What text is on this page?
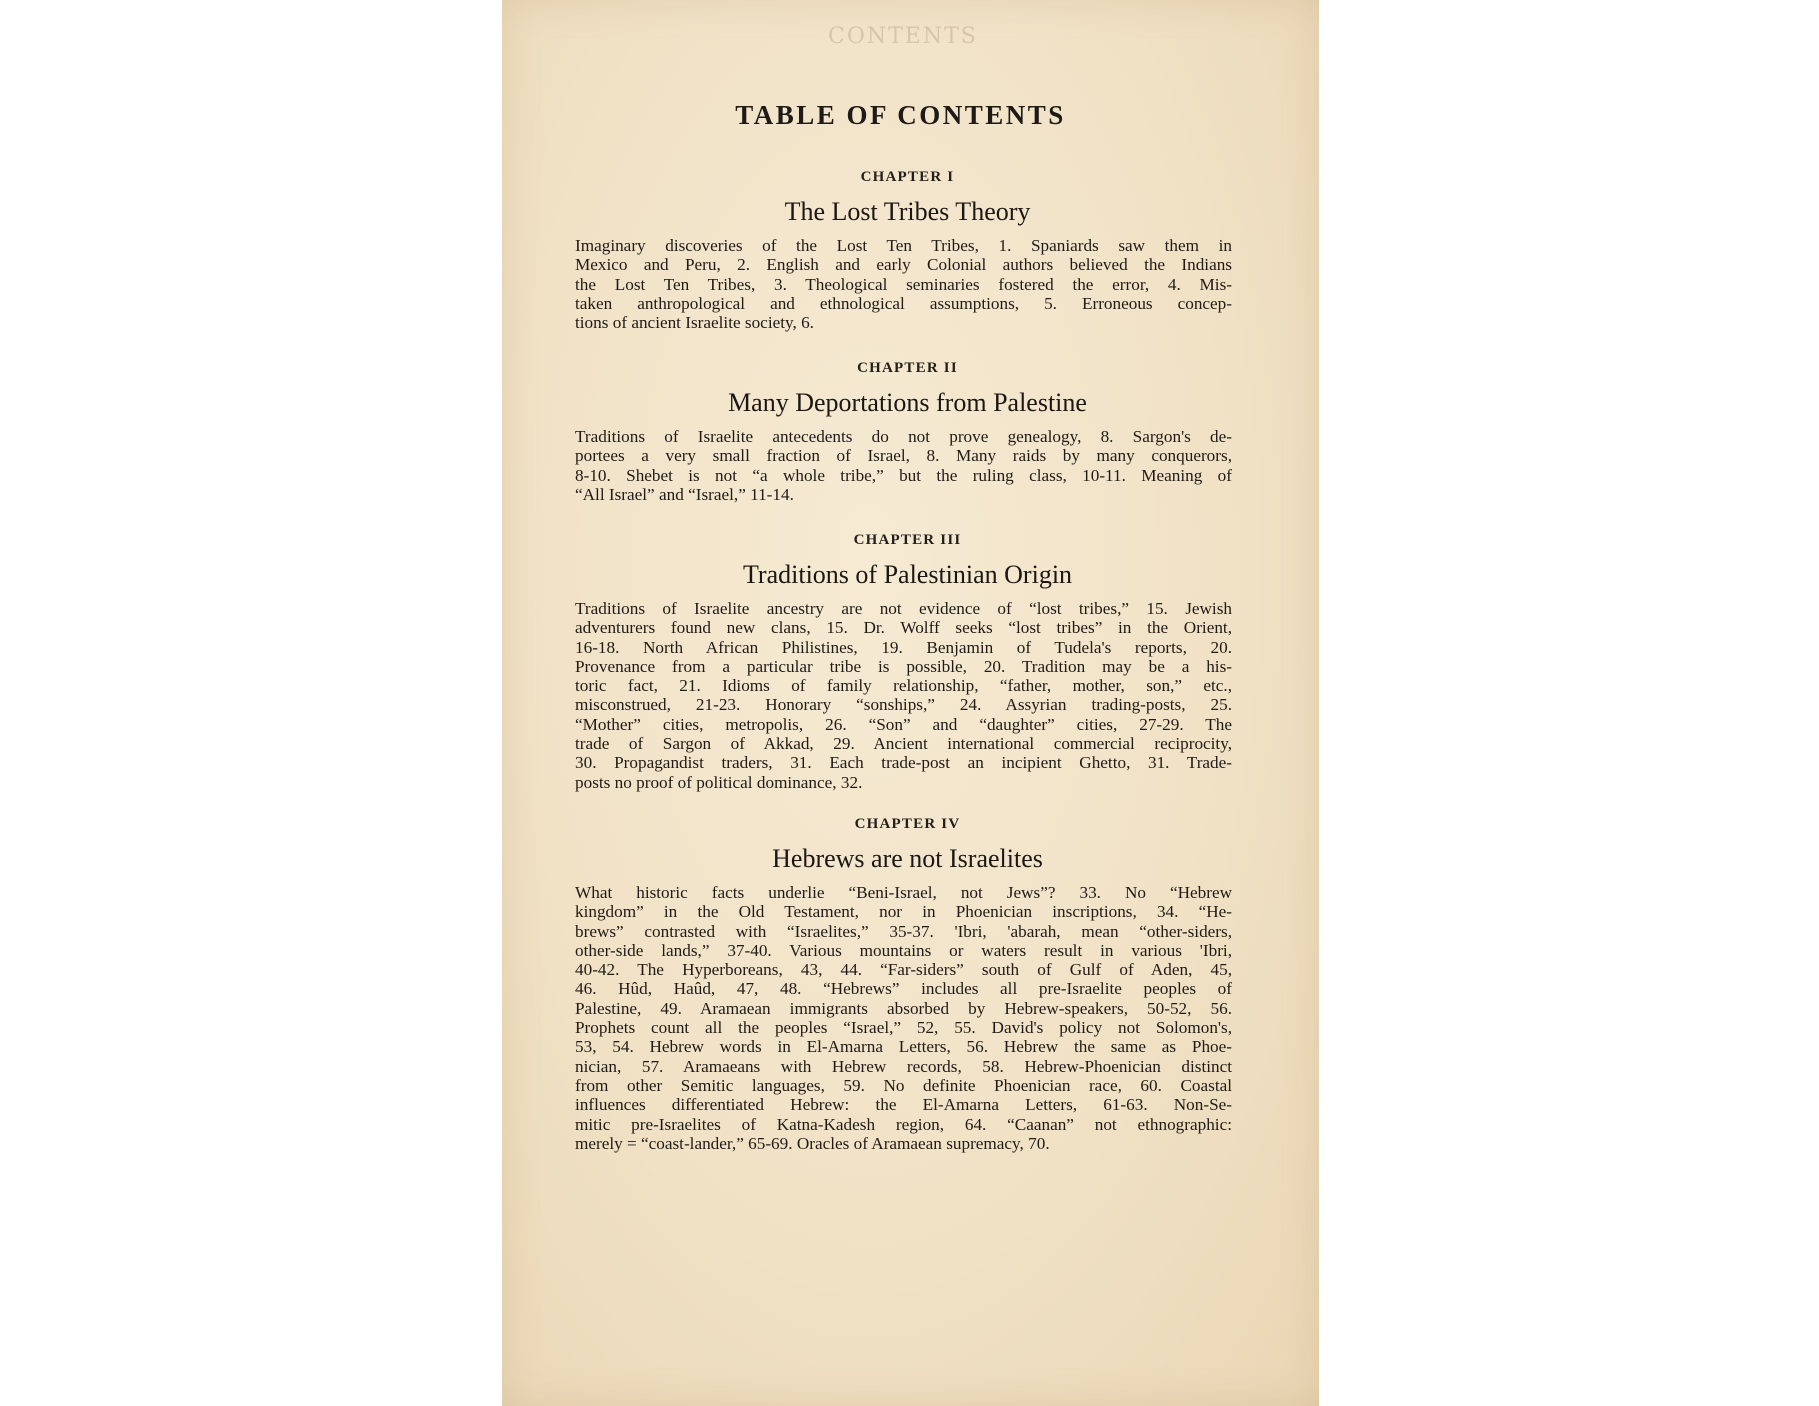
CONTENTS
TABLE OF CONTENTS
CHAPTER I
The Lost Tribes Theory
Imaginary discoveries of the Lost Ten Tribes, 1. Spaniards saw them in
Mexico and Peru, 2. English and early Colonial authors believed the Indians
the Lost Ten Tribes, 3. Theological seminaries fostered the error, 4. Mis-
taken anthropological and ethnological assumptions, 5. Erroneous concep-
tions of ancient Israelite society, 6.
CHAPTER II
Many Deportations from Palestine
Traditions of Israelite antecedents do not prove genealogy, 8. Sargon's de-
portees a very small fraction of Israel, 8. Many raids by many conquerors,
8-10. Shebet is not “a whole tribe,” but the ruling class, 10-11. Meaning of
“All Israel” and “Israel,” 11-14.
CHAPTER III
Traditions of Palestinian Origin
Traditions of Israelite ancestry are not evidence of “lost tribes,” 15. Jewish
adventurers found new clans, 15. Dr. Wolff seeks “lost tribes” in the Orient,
16-18. North African Philistines, 19. Benjamin of Tudela's reports, 20.
Provenance from a particular tribe is possible, 20. Tradition may be a his-
toric fact, 21. Idioms of family relationship, “father, mother, son,” etc.,
misconstrued, 21-23. Honorary “sonships,” 24. Assyrian trading-posts, 25.
“Mother” cities, metropolis, 26. “Son” and “daughter” cities, 27-29. The
trade of Sargon of Akkad, 29. Ancient international commercial reciprocity,
30. Propagandist traders, 31. Each trade-post an incipient Ghetto, 31. Trade-
posts no proof of political dominance, 32.
CHAPTER IV
Hebrews are not Israelites
What historic facts underlie “Beni-Israel, not Jews”? 33. No “Hebrew
kingdom” in the Old Testament, nor in Phoenician inscriptions, 34. “He-
brews” contrasted with “Israelites,” 35-37. 'Ibri, 'abarah, mean “other-siders,
other-side lands,” 37-40. Various mountains or waters result in various 'Ibri,
40-42. The Hyperboreans, 43, 44. “Far-siders” south of Gulf of Aden, 45,
46. Hûd, Haûd, 47, 48. “Hebrews” includes all pre-Israelite peoples of
Palestine, 49. Aramaean immigrants absorbed by Hebrew-speakers, 50-52, 56.
Prophets count all the peoples “Israel,” 52, 55. David's policy not Solomon's,
53, 54. Hebrew words in El-Amarna Letters, 56. Hebrew the same as Phoe-
nician, 57. Aramaeans with Hebrew records, 58. Hebrew-Phoenician distinct
from other Semitic languages, 59. No definite Phoenician race, 60. Coastal
influences differentiated Hebrew: the El-Amarna Letters, 61-63. Non-Se-
mitic pre-Israelites of Katna-Kadesh region, 64. “Caanan” not ethnographic:
merely = “coast-lander,” 65-69. Oracles of Aramaean supremacy, 70.
